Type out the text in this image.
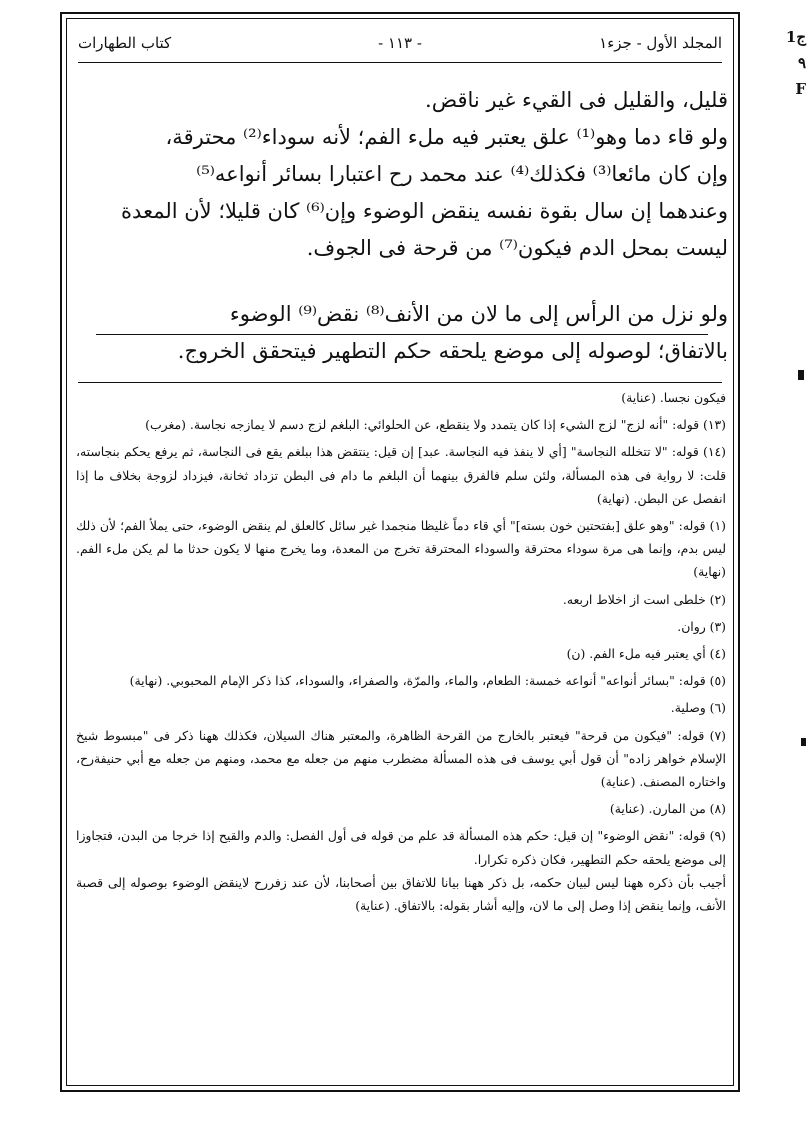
المجلد الأول - جزء١
- ١١٣ -
كتاب الطهارات

قليل، والقليل فى القيء غير ناقض.

ولو قاء دما وهو⁽¹⁾ علق يعتبر فيه ملء الفم؛ لأنه سوداء⁽²⁾ محترقة،

وإن كان مائعا⁽³⁾ فكذلك⁽⁴⁾ عند محمد رح اعتبارا بسائر أنواعه⁽⁵⁾

وعندهما إن سال بقوة نفسه ينقض الوضوء وإن⁽⁶⁾ كان قليلا؛ لأن المعدة

ليست بمحل الدم فيكون⁽⁷⁾ من قرحة فى الجوف.

ولو نزل من الرأس إلى ما لان من الأنف⁽⁸⁾ نقض⁽⁹⁾ الوضوء

بالاتفاق؛ لوصوله إلى موضع يلحقه حكم التطهير فيتحقق الخروج.

فيكون نجسا. (عناية)

(١٣) قوله: "أنه لزج" لزج الشيء إذا كان يتمدد ولا ينقطع، عن الحلوائي: البلغم لزج دسم لا يمازجه نجاسة. (مغرب)

(١٤) قوله: "لا تتخلله النجاسة" [أي لا ينفذ فيه النجاسة. عبد] إن قيل: ينتقض هذا ببلغم يقع فى النجاسة، ثم يرفع يحكم بنجاسته، قلت: لا رواية فى هذه المسألة، ولئن سلم فالفرق بينهما أن البلغم ما دام فى البطن تزداد ثخانة، فيزداد لزوجة بخلاف ما إذا انفصل عن البطن. (نهاية)

(١) قوله: "وهو علق [بفتحتين خون بسته]" أي قاء دماً غليظا منجمدا غير سائل كالعلق لم ينقض الوضوء، حتى يملأ الفم؛ لأن ذلك ليس بدم، وإنما هى مرة سوداء محترقة والسوداء المحترقة تخرج من المعدة، وما يخرج منها لا يكون حدثا ما لم يكن ملء الفم. (نهاية)

(٢) خلطى است از اخلاط اربعه.

(٣) روان.

(٤) أي يعتبر فيه ملء الفم. (ن)

(٥) قوله: "بسائر أنواعه" أنواعه خمسة: الطعام، والماء، والمرّة، والصفراء، والسوداء، كذا ذكر الإمام المحبوبي. (نهاية)

(٦) وصلية.

(٧) قوله: "فيكون من قرحة" فيعتبر بالخارج من القرحة الظاهرة، والمعتبر هناك السيلان، فكذلك ههنا ذكر فى "مبسوط شيخ الإسلام خواهر زاده" أن قول أبي يوسف فى هذه المسألة مضطرب منهم من جعله مع محمد، ومنهم من جعله مع أبي حنيفةرح، واختاره المصنف. (عناية)

(٨) من المارن. (عناية)

(٩) قوله: "نقض الوضوء" إن قيل: حكم هذه المسألة قد علم من قوله فى أول الفصل: والدم والقيح إذا خرجا من البدن، فتجاوزا إلى موضع يلحقه حكم التطهير، فكان ذكره تكرارا.

أجيب بأن ذكره ههنا ليس لبيان حكمه، بل ذكر ههنا بيانا للاتفاق بين أصحابنا، لأن عند زفررح لاينقض الوضوء بوصوله إلى قصبة الأنف، وإنما ينقض إذا وصل إلى ما لان، وإليه أشار بقوله: بالاتفاق. (عناية)

1ج
٩
F
